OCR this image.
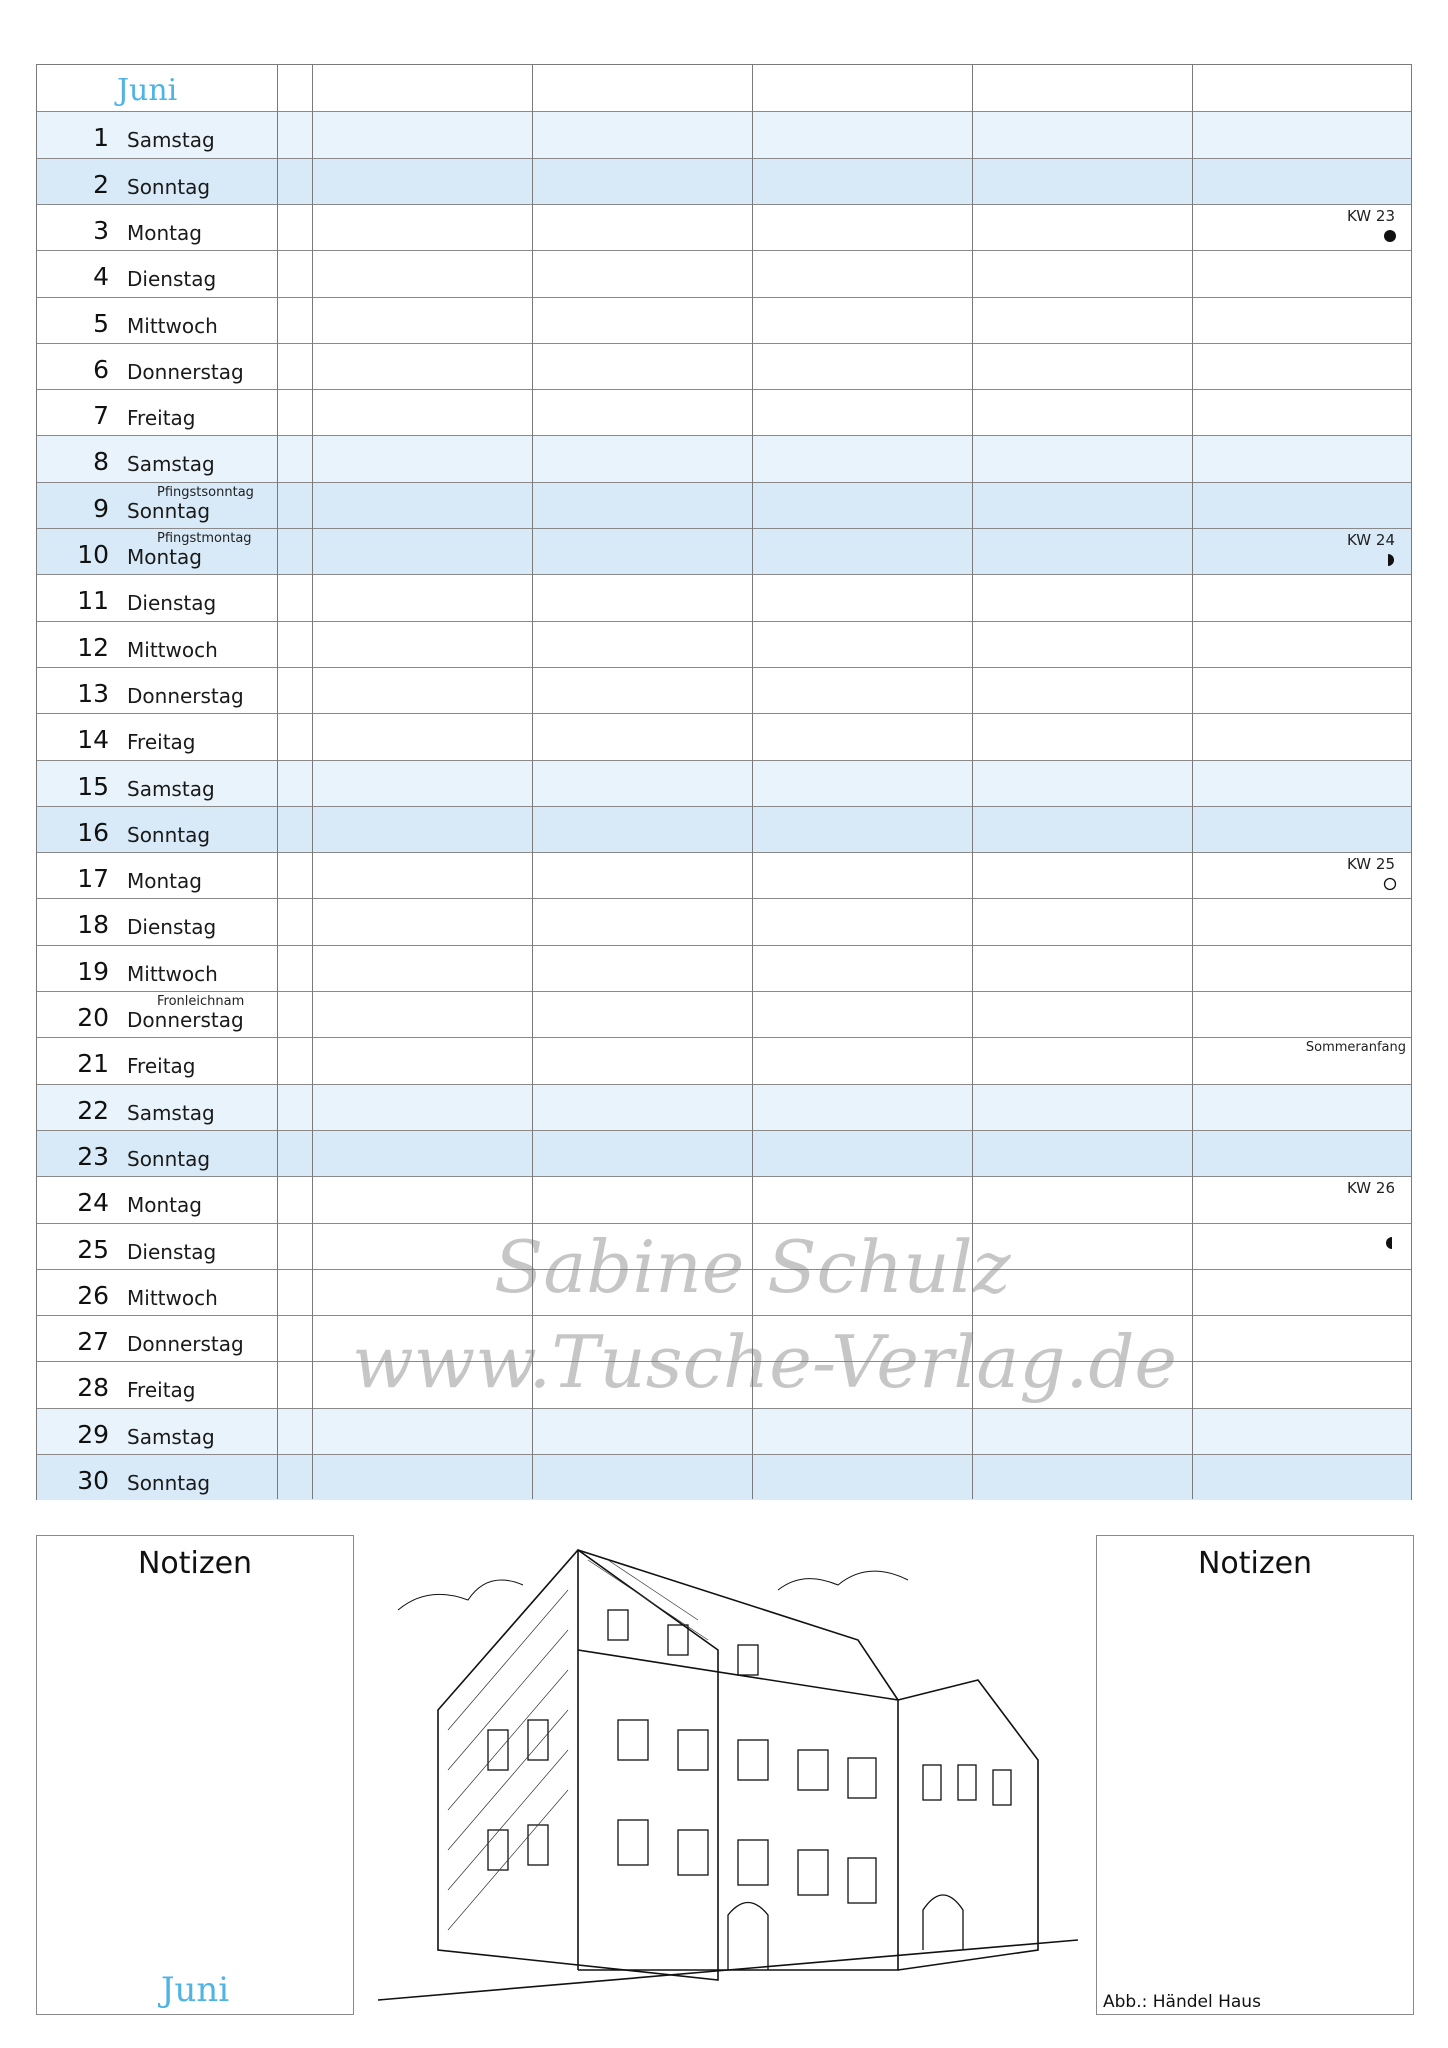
Juni
1 Samstag
2 Sonntag
3 Montag
KW 23
4 Dienstag
5 Mittwoch
6 Donnerstag
7 Freitag
8 Samstag
9 Sonntag
Pfingstsonntag
10 Montag
Pfingstmontag	KW 24
11 Dienstag
12 Mittwoch
13 Donnerstag
14 Freitag
15 Samstag
16 Sonntag
17 Montag
KW 25
18 Dienstag
19 Mittwoch
20 Donnerstag
Fronleichnam
21 Freitag
Sommeranfang
22 Samstag
23 Sonntag
24 Montag
KW 26
25 Dienstag
26 Mittwoch
27 Donnerstag
28 Freitag
29 Samstag
30 Sonntag
Sabine Schulz
www.Tusche-Verlag.de
Notizen
Juni
Notizen
Abb.: Händel Haus
